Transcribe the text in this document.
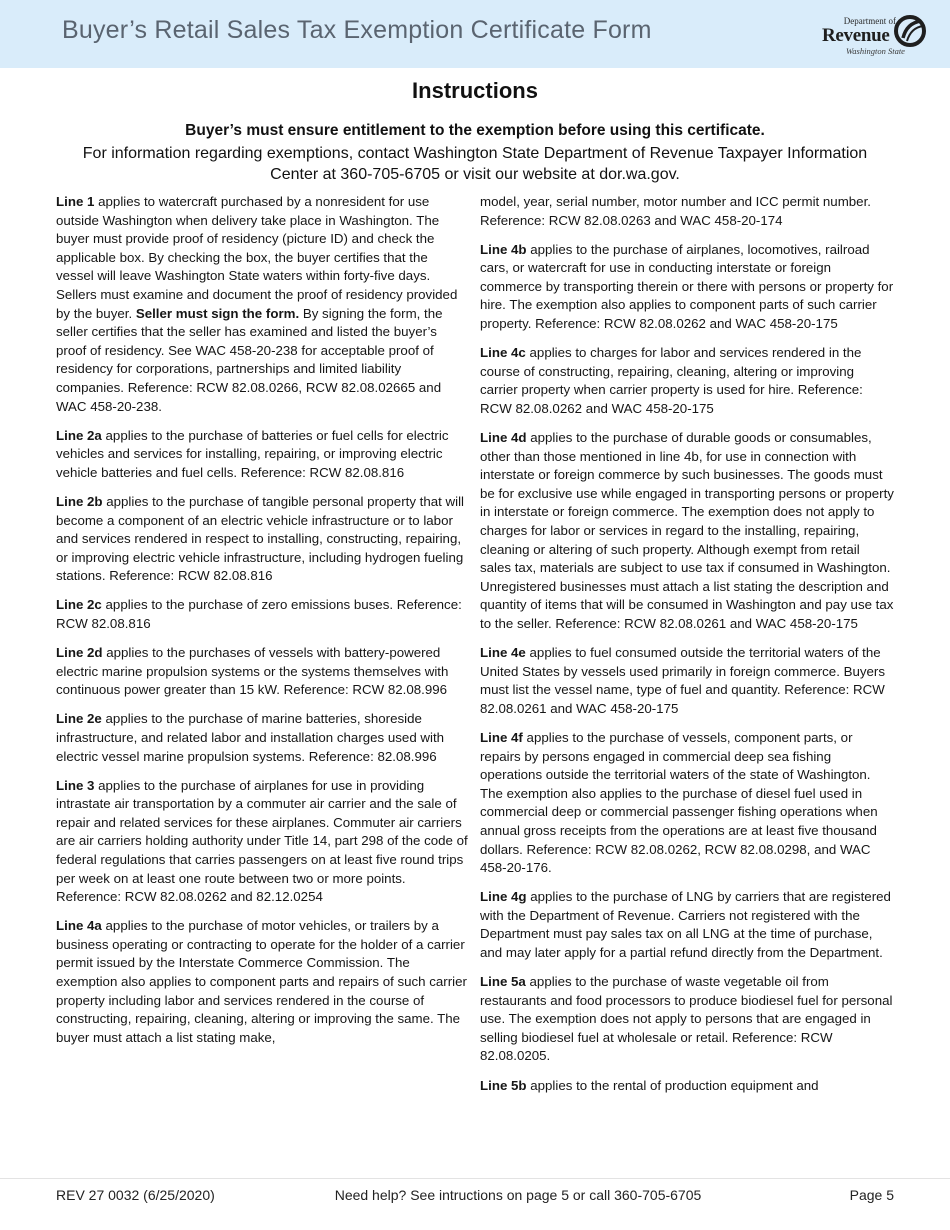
Buyer’s Retail Sales Tax Exemption Certificate Form	Department of
Revenue
Washington State
Instructions
Buyer’s must ensure entitlement to the exemption before using this certificate.
For information regarding exemptions, contact Washington State Department of Revenue Taxpayer Information Center at 360-705-6705 or visit our website at dor.wa.gov.

Line 1 applies to watercraft purchased by a nonresident for use outside Washington when delivery take place in Washington. The buyer must provide proof of residency (picture ID) and check the applicable box. By checking the box, the buyer certifies that the vessel will leave Washington State waters within forty-five days. Sellers must examine and document the proof of residency provided by the buyer. Seller must sign the form. By signing the form, the seller certifies that the seller has examined and listed the buyer’s proof of residency. See WAC 458-20-238 for acceptable proof of residency for corporations, partnerships and limited liability companies. Reference: RCW 82.08.0266, RCW 82.08.02665 and WAC 458-20-238.

Line 2a applies to the purchase of batteries or fuel cells for electric vehicles and services for installing, repairing, or improving electric vehicle batteries and fuel cells. Reference: RCW 82.08.816

Line 2b applies to the purchase of tangible personal property that will become a component of an electric vehicle infrastructure or to labor and services rendered in respect to installing, constructing, repairing, or improving electric vehicle infrastructure, including hydrogen fueling stations. Reference: RCW 82.08.816

Line 2c applies to the purchase of zero emissions buses. Reference: RCW 82.08.816

Line 2d applies to the purchases of vessels with battery-powered electric marine propulsion systems or the systems themselves with continuous power greater than 15 kW. Reference: RCW 82.08.996

Line 2e applies to the purchase of marine batteries, shoreside infrastructure, and related labor and installation charges used with electric vessel marine propulsion systems. Reference: 82.08.996

Line 3 applies to the purchase of airplanes for use in providing intrastate air transportation by a commuter air carrier and the sale of repair and related services for these airplanes. Commuter air carriers are air carriers holding authority under Title 14, part 298 of the code of federal regulations that carries passengers on at least five round trips per week on at least one route between two or more points. Reference: RCW 82.08.0262 and 82.12.0254

Line 4a applies to the purchase of motor vehicles, or trailers by a business operating or contracting to operate for the holder of a carrier permit issued by the Interstate Commerce Commission. The exemption also applies to component parts and repairs of such carrier property including labor and services rendered in the course of constructing, repairing, cleaning, altering or improving the same. The buyer must attach a list stating make,

model, year, serial number, motor number and ICC permit number. Reference: RCW 82.08.0263 and WAC 458-20-174

Line 4b applies to the purchase of airplanes, locomotives, railroad cars, or watercraft for use in conducting interstate or foreign commerce by transporting therein or there with persons or property for hire. The exemption also applies to component parts of such carrier property. Reference: RCW 82.08.0262 and WAC 458-20-175

Line 4c applies to charges for labor and services rendered in the course of constructing, repairing, cleaning, altering or improving carrier property when carrier property is used for hire. Reference: RCW 82.08.0262 and WAC 458-20-175

Line 4d applies to the purchase of durable goods or consumables, other than those mentioned in line 4b, for use in connection with interstate or foreign commerce by such businesses. The goods must be for exclusive use while engaged in transporting persons or property in interstate or foreign commerce. The exemption does not apply to charges for labor or services in regard to the installing, repairing, cleaning or altering of such property. Although exempt from retail sales tax, materials are subject to use tax if consumed in Washington. Unregistered businesses must attach a list stating the description and quantity of items that will be consumed in Washington and pay use tax to the seller. Reference: RCW 82.08.0261 and WAC 458-20-175

Line 4e applies to fuel consumed outside the territorial waters of the United States by vessels used primarily in foreign commerce. Buyers must list the vessel name, type of fuel and quantity. Reference: RCW 82.08.0261 and WAC 458-20-175

Line 4f applies to the purchase of vessels, component parts, or repairs by persons engaged in commercial deep sea fishing operations outside the territorial waters of the state of Washington. The exemption also applies to the purchase of diesel fuel used in commercial deep or commercial passenger fishing operations when annual gross receipts from the operations are at least five thousand dollars. Reference: RCW 82.08.0262, RCW 82.08.0298, and WAC 458-20-176.

Line 4g applies to the purchase of LNG by carriers that are registered with the Department of Revenue. Carriers not registered with the Department must pay sales tax on all LNG at the time of purchase, and may later apply for a partial refund directly from the Department.

Line 5a applies to the purchase of waste vegetable oil from restaurants and food processors to produce biodiesel fuel for personal use. The exemption does not apply to persons that are engaged in selling biodiesel fuel at wholesale or retail. Reference: RCW 82.08.0205.

Line 5b applies to the rental of production equipment and

REV 27 0032 (6/25/2020)	Need help? See intructions on page 5 or call 360-705-6705	Page 5
